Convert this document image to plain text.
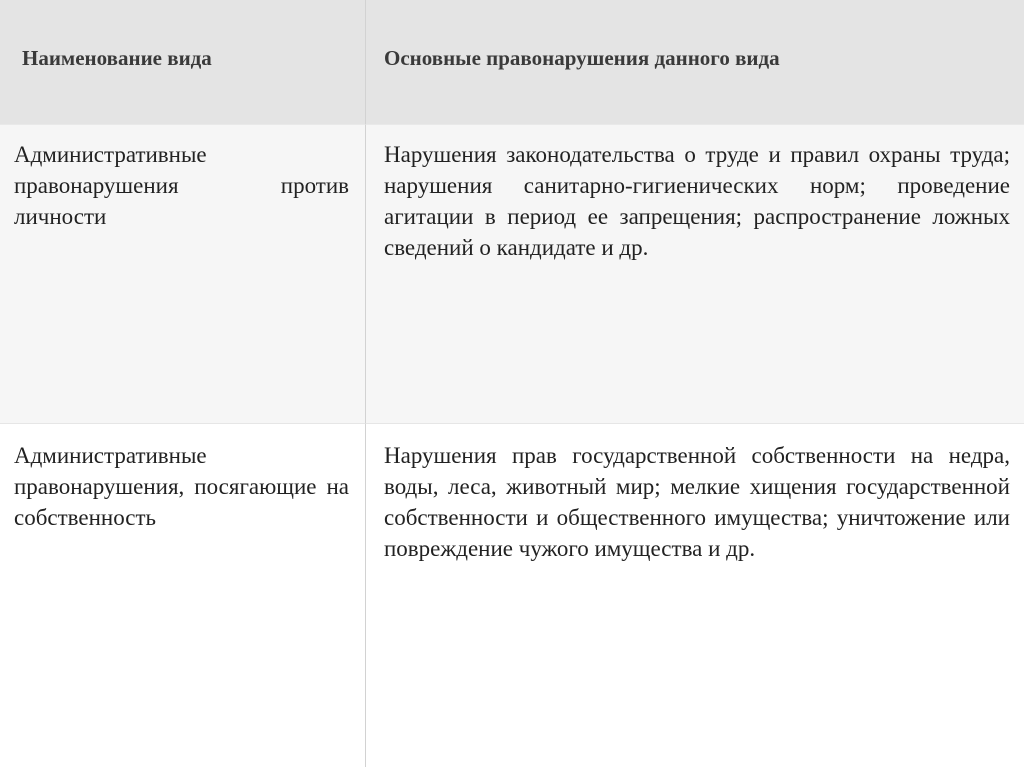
Наименование вида	Основные правонарушения данного вида
Административные правонарушения против личности
Нарушения законодательства о труде и правил охраны труда; нарушения санитарно-гигиенических норм; проведение агитации в период ее запрещения; распространение ложных сведений о кандидате и др.
Административные правонарушения, посягающие на собственность
Нарушения прав государственной собственности на недра, воды, леса, животный мир; мелкие хищения государственной собственности и общественного имущества; уничтожение или повреждение чужого имущества и др.
